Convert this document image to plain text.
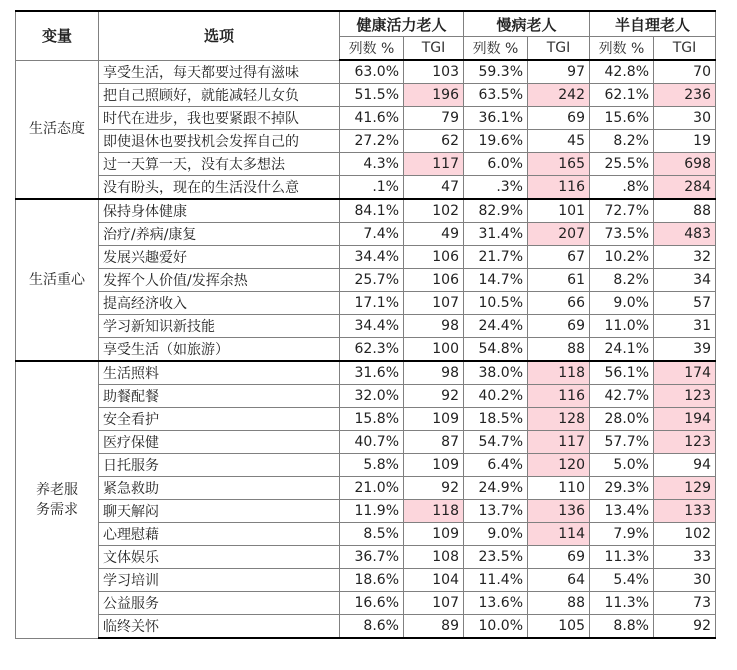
变量	选项	健康活力老人		慢病老人		半自理老人	
		列数 %	TGI	列数 %	TGI	列数 %	TGI
生活态度	享受生活，每天都要过得有滋味	63.0%	103	59.3%	97	42.8%	70
	把自己照顾好，就能减轻儿女负	51.5%	196	63.5%	242	62.1%	236
	时代在进步，我也要紧跟不掉队	41.6%	79	36.1%	69	15.6%	30
	即使退休也要找机会发挥自己的	27.2%	62	19.6%	45	8.2%	19
	过一天算一天，没有太多想法	4.3%	117	6.0%	165	25.5%	698
	没有盼头，现在的生活没什么意	.1%	47	.3%	116	.8%	284
生活重心	保持身体健康	84.1%	102	82.9%	101	72.7%	88
	治疗/养病/康复	7.4%	49	31.4%	207	73.5%	483
	发展兴趣爱好	34.4%	106	21.7%	67	10.2%	32
	发挥个人价值/发挥余热	25.7%	106	14.7%	61	8.2%	34
	提高经济收入	17.1%	107	10.5%	66	9.0%	57
	学习新知识新技能	34.4%	98	24.4%	69	11.0%	31
	享受生活（如旅游）	62.3%	100	54.8%	88	24.1%	39
养老服务需求	生活照料	31.6%	98	38.0%	118	56.1%	174
	助餐配餐	32.0%	92	40.2%	116	42.7%	123
	安全看护	15.8%	109	18.5%	128	28.0%	194
	医疗保健	40.7%	87	54.7%	117	57.7%	123
	日托服务	5.8%	109	6.4%	120	5.0%	94
	紧急救助	21.0%	92	24.9%	110	29.3%	129
	聊天解闷	11.9%	118	13.7%	136	13.4%	133
	心理慰藉	8.5%	109	9.0%	114	7.9%	102
	文体娱乐	36.7%	108	23.5%	69	11.3%	33
	学习培训	18.6%	104	11.4%	64	5.4%	30
	公益服务	16.6%	107	13.6%	88	11.3%	73
	临终关怀	8.6%	89	10.0%	105	8.8%	92
